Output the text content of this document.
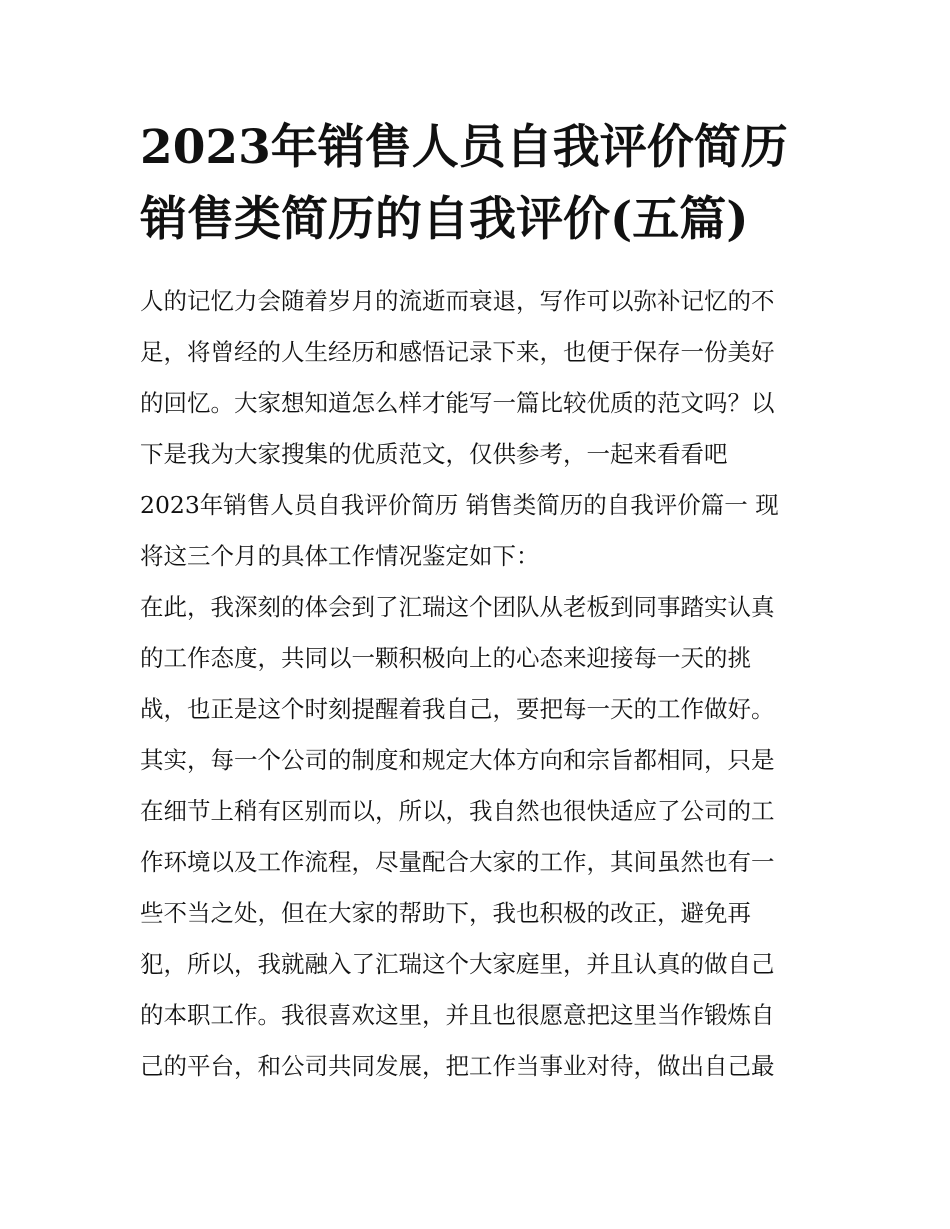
2023年销售人员自我评价简历
销售类简历的自我评价(五篇)
人的记忆力会随着岁月的流逝而衰退，写作可以弥补记忆的不
足，将曾经的人生经历和感悟记录下来，也便于保存一份美好
的回忆。大家想知道怎么样才能写一篇比较优质的范文吗？以
下是我为大家搜集的优质范文，仅供参考，一起来看看吧
2023年销售人员自我评价简历 销售类简历的自我评价篇一 现
将这三个月的具体工作情况鉴定如下：
在此，我深刻的体会到了汇瑞这个团队从老板到同事踏实认真
的工作态度，共同以一颗积极向上的心态来迎接每一天的挑
战，也正是这个时刻提醒着我自己，要把每一天的工作做好。
其实，每一个公司的制度和规定大体方向和宗旨都相同，只是
在细节上稍有区别而以，所以，我自然也很快适应了公司的工
作环境以及工作流程，尽量配合大家的工作，其间虽然也有一
些不当之处，但在大家的帮助下，我也积极的改正，避免再
犯，所以，我就融入了汇瑞这个大家庭里，并且认真的做自己
的本职工作。我很喜欢这里，并且也很愿意把这里当作锻炼自
己的平台，和公司共同发展，把工作当事业对待，做出自己最
